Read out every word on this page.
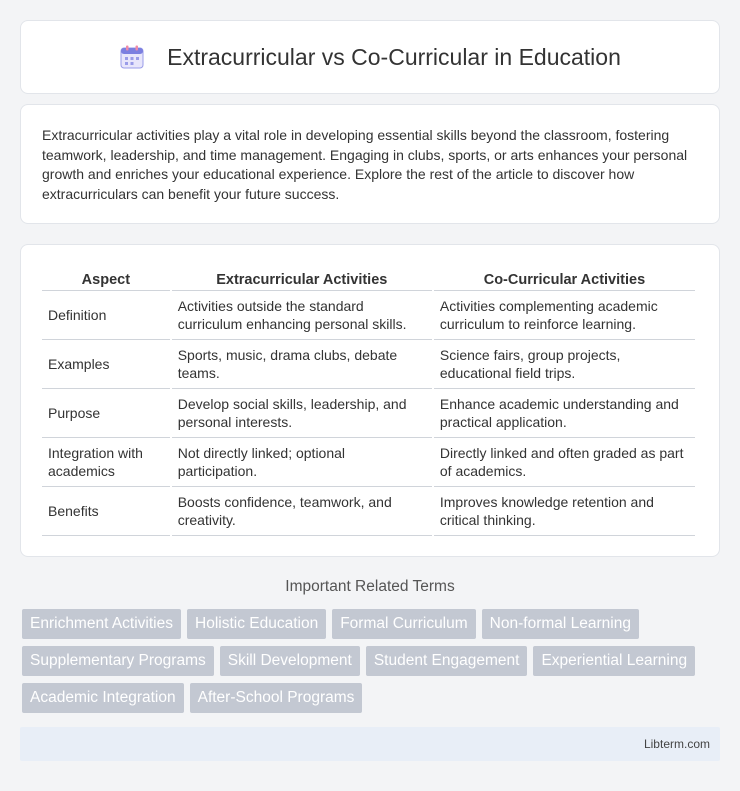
Extracurricular vs Co-Curricular in Education

Extracurricular activities play a vital role in developing essential skills beyond the classroom, fostering teamwork, leadership, and time management. Engaging in clubs, sports, or arts enhances your personal growth and enriches your educational experience. Explore the rest of the article to discover how extracurriculars can benefit your future success.

Aspect	Extracurricular Activities	Co-Curricular Activities
Definition	Activities outside the standard curriculum enhancing personal skills.	Activities complementing academic curriculum to reinforce learning.
Examples	Sports, music, drama clubs, debate teams.	Science fairs, group projects, educational field trips.
Purpose	Develop social skills, leadership, and personal interests.	Enhance academic understanding and practical application.
Integration with academics	Not directly linked; optional participation.	Directly linked and often graded as part of academics.
Benefits	Boosts confidence, teamwork, and creativity.	Improves knowledge retention and critical thinking.
Important Related Terms
Enrichment Activities	Holistic Education	Formal Curriculum	Non-formal Learning
Supplementary Programs	Skill Development	Student Engagement	Experiential Learning
Academic Integration	After-School Programs
Libterm.com
